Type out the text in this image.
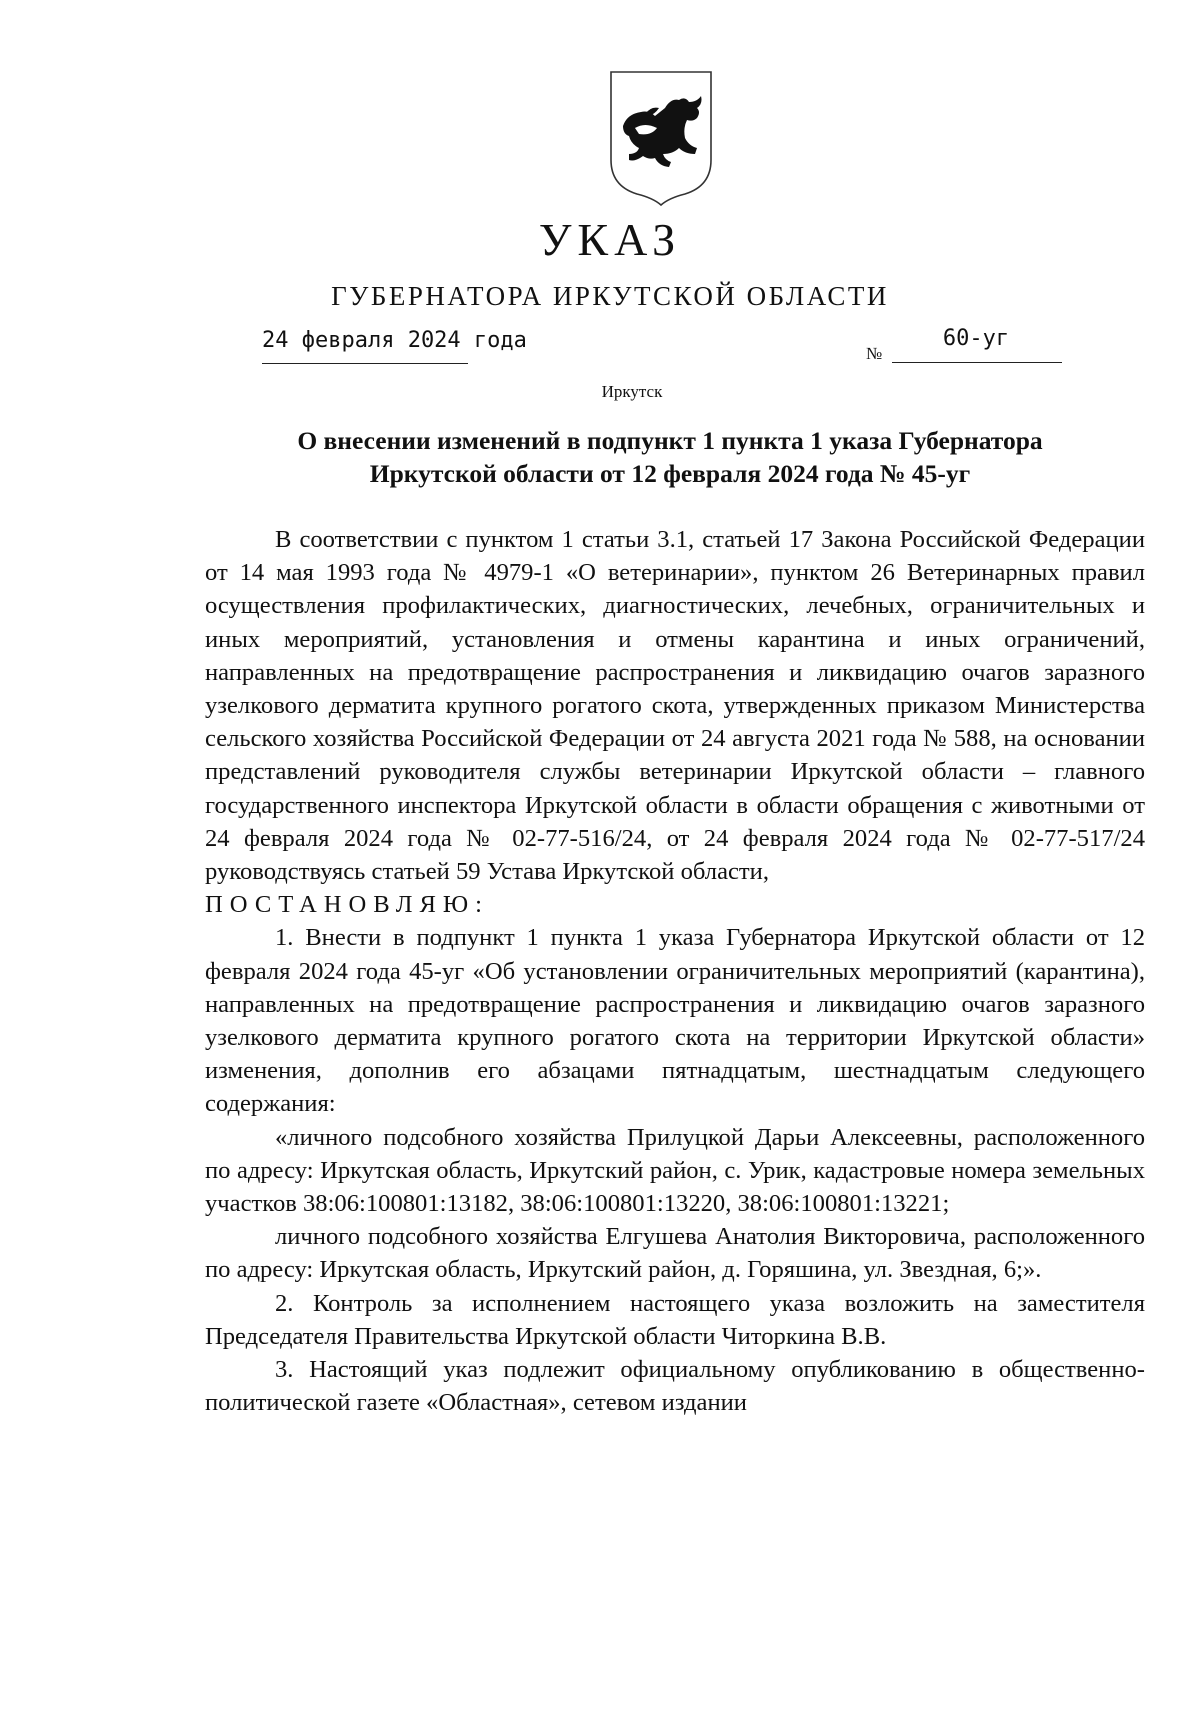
УКАЗ
ГУБЕРНАТОРА ИРКУТСКОЙ ОБЛАСТИ
24 февраля 2024 года
№
60-уг
Иркутск
О внесении изменений в подпункт 1 пункта 1 указа Губернатора
Иркутской области от 12 февраля 2024 года № 45-уг

В соответствии с пунктом 1 статьи 3.1, статьей 17 Закона Российской Федерации от 14 мая 1993 года № 4979-1 «О ветеринарии», пунктом 26 Ветеринарных правил осуществления профилактических, диагностических, лечебных, ограничительных и иных мероприятий, установления и отмены карантина и иных ограничений, направленных на предотвращение распространения и ликвидацию очагов заразного узелкового дерматита крупного рогатого скота, утвержденных приказом Министерства сельского хозяйства Российской Федерации от 24 августа 2021 года № 588, на основании представлений руководителя службы ветеринарии Иркутской области – главного государственного инспектора Иркутской области в области обращения с животными от 24 февраля 2024 года № 02-77-516/24, от 24 февраля 2024 года № 02-77-517/24 руководствуясь статьей 59 Устава Иркутской области,

ПОСТАНОВЛЯЮ:

1. Внести в подпункт 1 пункта 1 указа Губернатора Иркутской области от 12 февраля 2024 года 45-уг «Об установлении ограничительных мероприятий (карантина), направленных на предотвращение распространения и ликвидацию очагов заразного узелкового дерматита крупного рогатого скота на территории Иркутской области» изменения, дополнив его абзацами пятнадцатым, шестнадцатым следующего содержания:

«личного подсобного хозяйства Прилуцкой Дарьи Алексеевны, расположенного по адресу: Иркутская область, Иркутский район, с. Урик, кадастровые номера земельных участков 38:06:100801:13182, 38:06:100801:13220, 38:06:100801:13221;

личного подсобного хозяйства Елгушева Анатолия Викторовича, расположенного по адресу: Иркутская область, Иркутский район, д. Горяшина, ул. Звездная, 6;».

2. Контроль за исполнением настоящего указа возложить на заместителя Председателя Правительства Иркутской области Читоркина В.В.

3. Настоящий указ подлежит официальному опубликованию в общественно-политической газете «Областная», сетевом издании
